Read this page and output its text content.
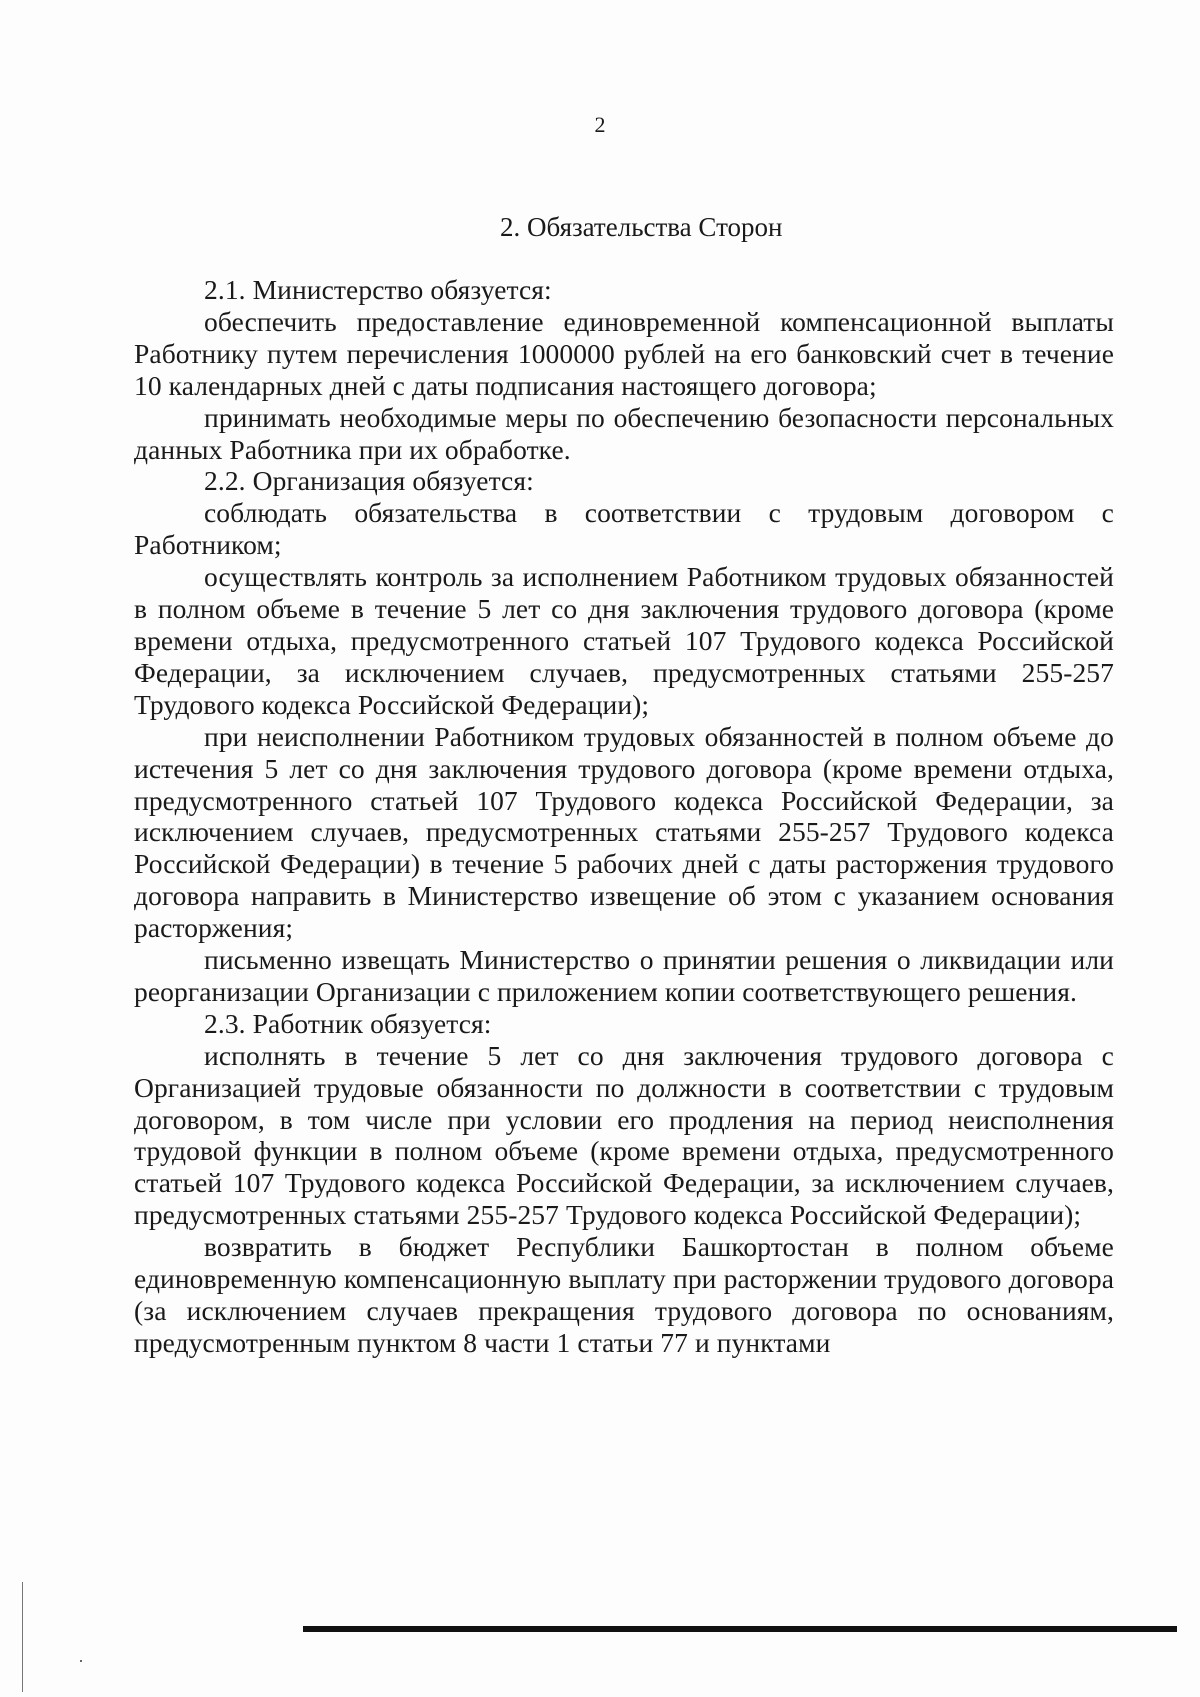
2
2. Обязательства Сторон

2.1. Министерство обязуется:

обеспечить предоставление единовременной компенсационной выплаты Работнику путем перечисления 1000000 рублей на его банковский счет в течение 10 календарных дней с даты подписания настоящего договора;

принимать необходимые меры по обеспечению безопасности персональных данных Работника при их обработке.

2.2. Организация обязуется:

соблюдать обязательства в соответствии с трудовым договором с Работником;

осуществлять контроль за исполнением Работником трудовых обязанностей в полном объеме в течение 5 лет со дня заключения трудового договора (кроме времени отдыха, предусмотренного статьей 107 Трудового кодекса Российской Федерации, за исключением случаев, предусмотренных статьями 255-257 Трудового кодекса Российской Федерации);

при неисполнении Работником трудовых обязанностей в полном объеме до истечения 5 лет со дня заключения трудового договора (кроме времени отдыха, предусмотренного статьей 107 Трудового кодекса Российской Федерации, за исключением случаев, предусмотренных статьями 255-257 Трудового кодекса Российской Федерации) в течение 5 рабочих дней с даты расторжения трудового договора направить в Министерство извещение об этом с указанием основания расторжения;

письменно извещать Министерство о принятии решения о ликвидации или реорганизации Организации с приложением копии соответствующего решения.

2.3. Работник обязуется:

исполнять в течение 5 лет со дня заключения трудового договора с Организацией трудовые обязанности по должности в соответствии с трудовым договором, в том числе при условии его продления на период неисполнения трудовой функции в полном объеме (кроме времени отдыха, предусмотренного статьей 107 Трудового кодекса Российской Федерации, за исключением случаев, предусмотренных статьями 255-257 Трудового кодекса Российской Федерации);

возвратить в бюджет Республики Башкортостан в полном объеме единовременную компенсационную выплату при расторжении трудового договора (за исключением случаев прекращения трудового договора по основаниям, предусмотренным пунктом 8 части 1 статьи 77 и пунктами
